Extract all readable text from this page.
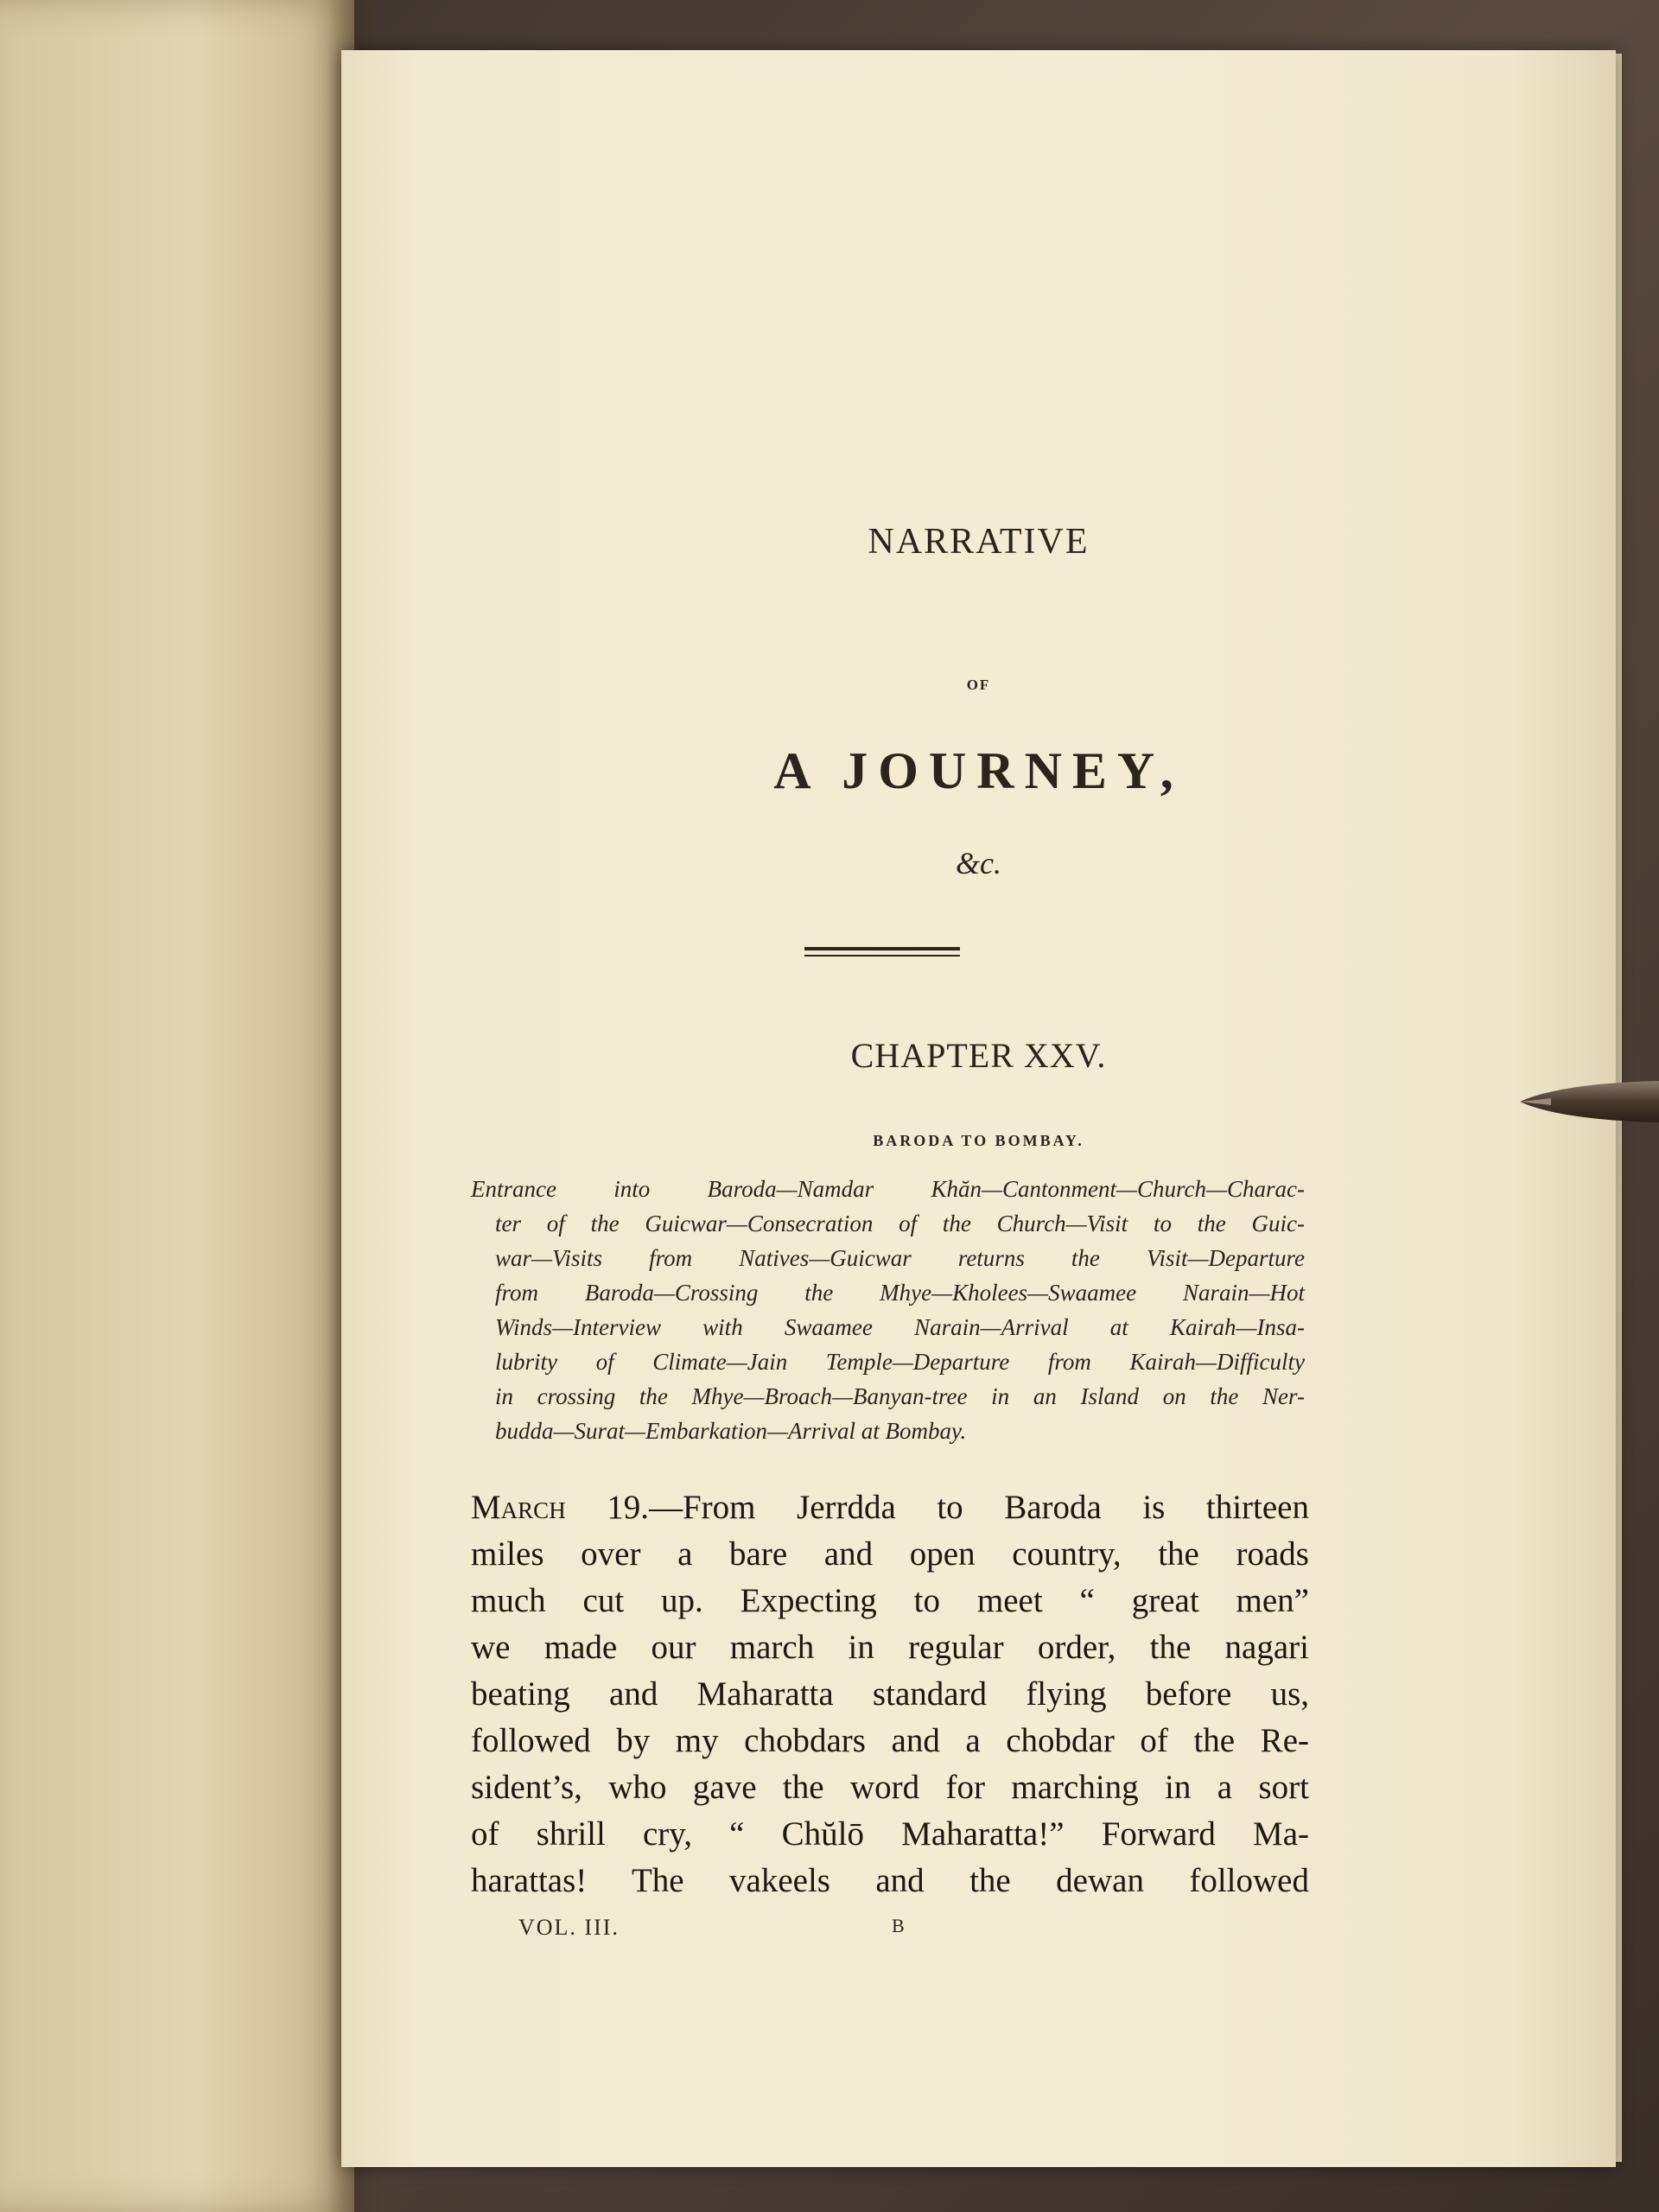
NARRATIVE
OF
A JOURNEY,
&c.
CHAPTER XXV.
BARODA TO BOMBAY.
Entrance into Baroda—Namdar Khăn—Cantonment—Church—Charac-
ter of the Guicwar—Consecration of the Church—Visit to the Guic-
war—Visits from Natives—Guicwar returns the Visit—Departure
from Baroda—Crossing the Mhye—Kholees—Swaamee Narain—Hot
Winds—Interview with Swaamee Narain—Arrival at Kairah—Insa-
lubrity of Climate—Jain Temple—Departure from Kairah—Difficulty
in crossing the Mhye—Broach—Banyan-tree in an Island on the Ner-
budda—Surat—Embarkation—Arrival at Bombay.
March 19.—From Jerrdda to Baroda is thirteen
miles over a bare and open country, the roads
much cut up. Expecting to meet “ great men”
we made our march in regular order, the nagari
beating and Maharatta standard flying before us,
followed by my chobdars and a chobdar of the Re-
sident’s, who gave the word for marching in a sort
of shrill cry, “ Chŭlō Maharatta!” Forward Ma-
harattas! The vakeels and the dewan followed
VOL. III.	B
